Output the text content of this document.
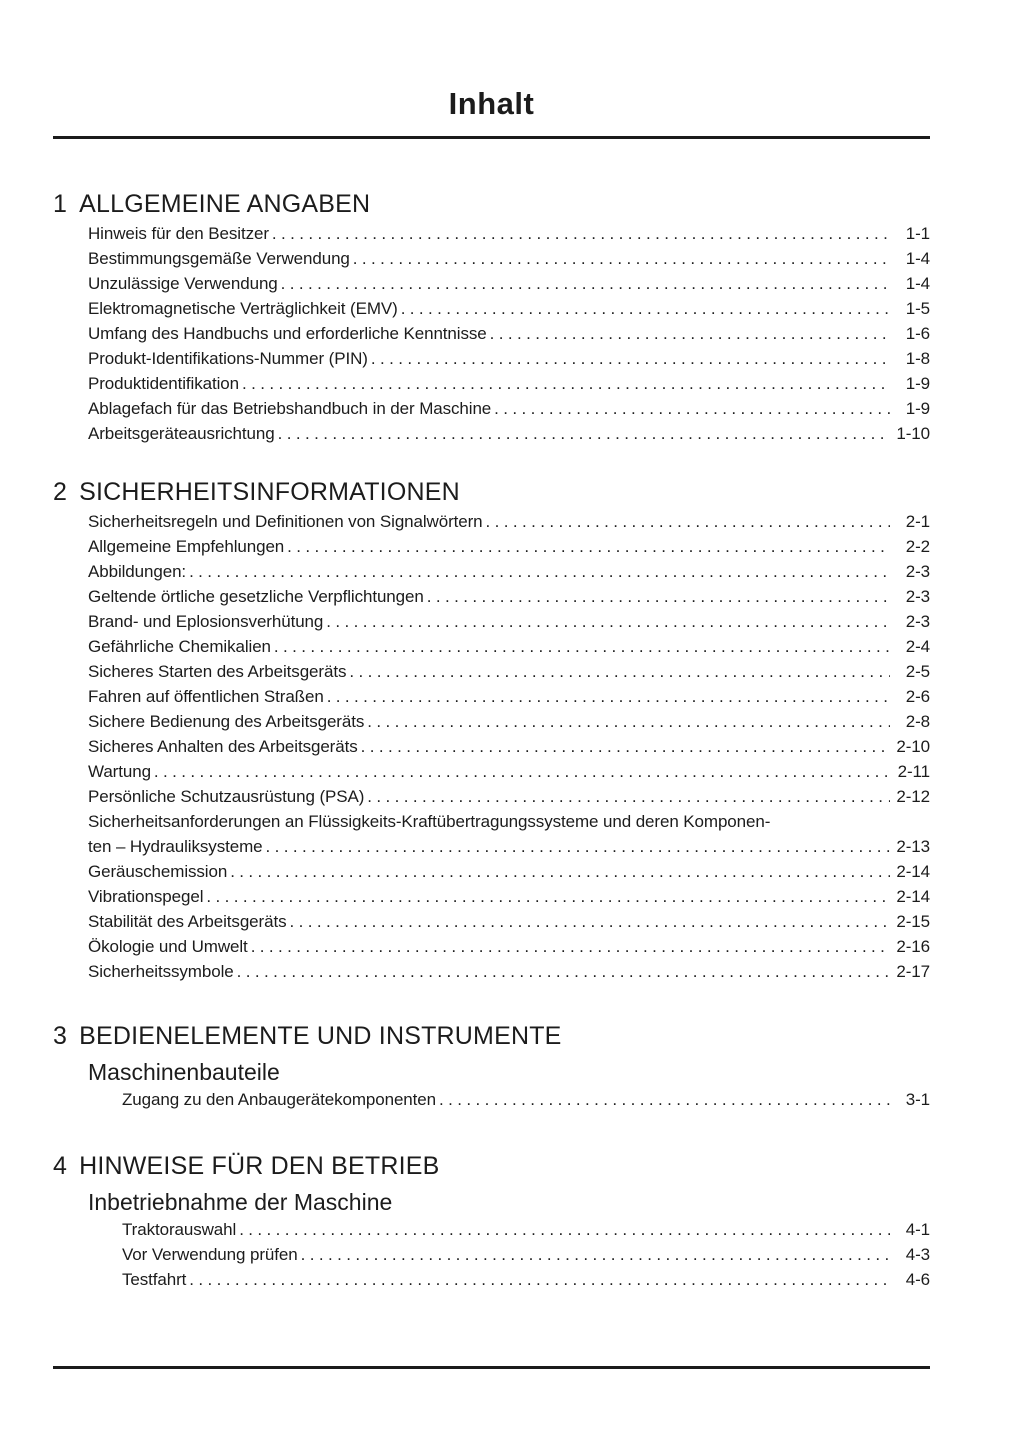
Inhalt
1 ALLGEMEINE ANGABEN
Hinweis für den Besitzer .....	1-1
Bestimmungsgemäße Verwendung .....	1-4
Unzulässige Verwendung .....	1-4
Elektromagnetische Verträglichkeit (EMV) .....	1-5
Umfang des Handbuchs und erforderliche Kenntnisse .....	1-6
Produkt-Identifikations-Nummer (PIN) .....	1-8
Produktidentifikation .....	1-9
Ablagefach für das Betriebshandbuch in der Maschine .....	1-9
Arbeitsgeräteausrichtung .....	1-10
2 SICHERHEITSINFORMATIONEN
Sicherheitsregeln und Definitionen von Signalwörtern .....	2-1
Allgemeine Empfehlungen .....	2-2
Abbildungen: .....	2-3
Geltende örtliche gesetzliche Verpflichtungen .....	2-3
Brand- und Eplosionsverhütung .....	2-3
Gefährliche Chemikalien .....	2-4
Sicheres Starten des Arbeitsgeräts .....	2-5
Fahren auf öffentlichen Straßen .....	2-6
Sichere Bedienung des Arbeitsgeräts .....	2-8
Sicheres Anhalten des Arbeitsgeräts .....	2-10
Wartung .....	2-11
Persönliche Schutzausrüstung (PSA) .....	2-12
Sicherheitsanforderungen an Flüssigkeits-Kraftübertragungssysteme und deren Komponen-
ten – Hydrauliksysteme .....	2-13
Geräuschemission .....	2-14
Vibrationspegel .....	2-14
Stabilität des Arbeitsgeräts .....	2-15
Ökologie und Umwelt .....	2-16
Sicherheitssymbole .....	2-17
3 BEDIENELEMENTE UND INSTRUMENTE
Maschinenbauteile
Zugang zu den Anbaugerätekomponenten .....	3-1
4 HINWEISE FÜR DEN BETRIEB
Inbetriebnahme der Maschine
Traktorauswahl .....	4-1
Vor Verwendung prüfen .....	4-3
Testfahrt .....	4-6
